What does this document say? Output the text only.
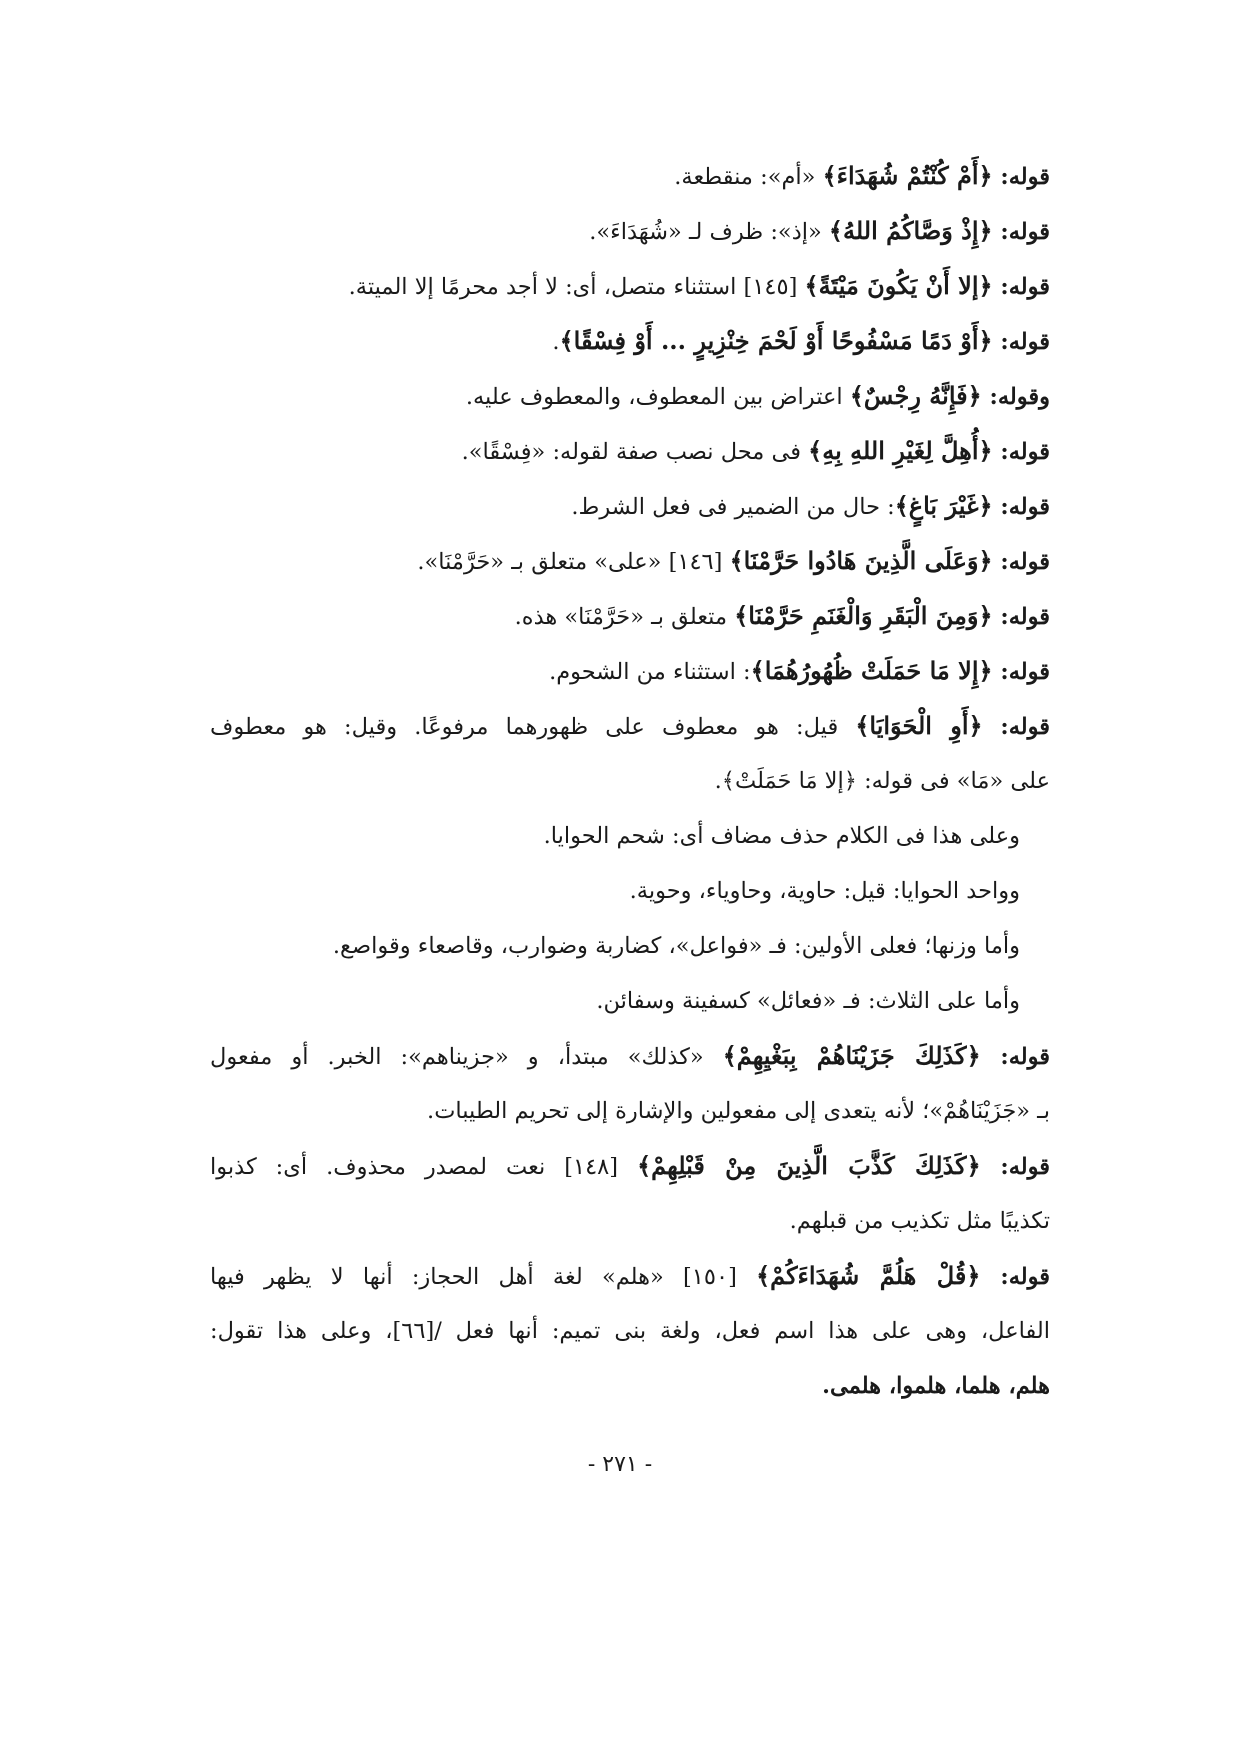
قوله: ﴿أَمْ كُنْتُمْ شُهَدَاءَ﴾ «أم»: منقطعة.
قوله: ﴿إِذْ وَصَّاكُمُ اللهُ﴾ «إذ»: ظرف لـ «شُهَدَاءَ».
قوله: ﴿إلا أَنْ يَكُونَ مَيْتَةً﴾ [١٤٥] استثناء متصل، أى: لا أجد محرمًا إلا الميتة.
قوله: ﴿أَوْ دَمًا مَسْفُوحًا أَوْ لَحْمَ خِنْزِيرٍ ... أَوْ فِسْقًا﴾.
وقوله: ﴿فَإِنَّهُ رِجْسٌ﴾ اعتراض بين المعطوف، والمعطوف عليه.
قوله: ﴿أُهِلَّ لِغَيْرِ اللهِ بِهِ﴾ فى محل نصب صفة لقوله: «فِسْقًا».
قوله: ﴿غَيْرَ بَاغٍ﴾: حال من الضمير فى فعل الشرط.
قوله: ﴿وَعَلَى الَّذِينَ هَادُوا حَرَّمْنَا﴾ [١٤٦] «على» متعلق بـ «حَرَّمْنَا».
قوله: ﴿وَمِنَ الْبَقَرِ وَالْغَنَمِ حَرَّمْنَا﴾ متعلق بـ «حَرَّمْنَا» هذه.
قوله: ﴿إِلا مَا حَمَلَتْ ظُهُورُهُمَا﴾: استثناء من الشحوم.
قوله: ﴿أَوِ الْحَوَايَا﴾ قيل: هو معطوف على ظهورهما مرفوعًا. وقيل: هو معطوف
على «مَا» فى قوله: ﴿إلا مَا حَمَلَتْ﴾.
وعلى هذا فى الكلام حذف مضاف أى: شحم الحوايا.
وواحد الحوايا: قيل: حاوية، وحاوياء، وحوية.
وأما وزنها؛ فعلى الأولين: فـ «فواعل»، كضاربة وضوارب، وقاصعاء وقواصع.
وأما على الثلاث: فـ «فعائل» كسفينة وسفائن.
قوله: ﴿كَذَلِكَ جَزَيْنَاهُمْ بِبَغْيِهِمْ﴾ «كذلك» مبتدأ، و «جزيناهم»: الخبر. أو مفعول
بـ «جَزَيْنَاهُمْ»؛ لأنه يتعدى إلى مفعولين والإشارة إلى تحريم الطيبات.
قوله: ﴿كَذَلِكَ كَذَّبَ الَّذِينَ مِنْ قَبْلِهِمْ﴾ [١٤٨] نعت لمصدر محذوف. أى: كذبوا
تكذيبًا مثل تكذيب من قبلهم.
قوله: ﴿قُلْ هَلُمَّ شُهَدَاءَكُمْ﴾ [١٥٠] «هلم» لغة أهل الحجاز: أنها لا يظهر فيها
الفاعل، وهى على هذا اسم فعل، ولغة بنى تميم: أنها فعل /[٦٦]، وعلى هذا تقول:
هلم، هلما، هلموا، هلمى.
- ٢٧١ -
